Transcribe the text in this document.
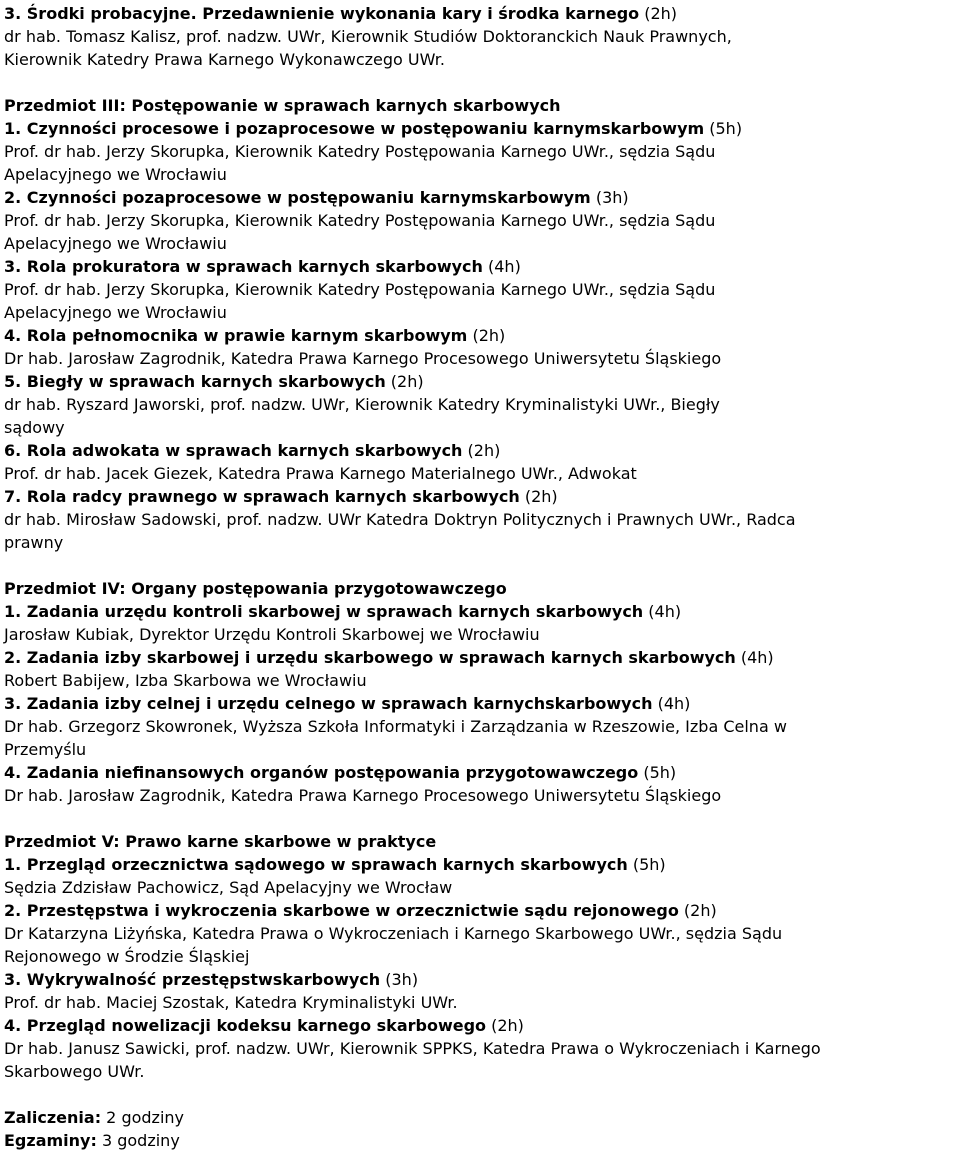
3. Środki probacyjne. Przedawnienie wykonania kary i środka karnego (2h)

dr hab. Tomasz Kalisz, prof. nadzw. UWr, Kierownik Studiów Doktoranckich Nauk Prawnych,

Kierownik Katedry Prawa Karnego Wykonawczego UWr.

Przedmiot III: Postępowanie w sprawach karnych skarbowych

1. Czynności procesowe i pozaprocesowe w postępowaniu karnymskarbowym (5h)

Prof. dr hab. Jerzy Skorupka, Kierownik Katedry Postępowania Karnego UWr., sędzia Sądu

Apelacyjnego we Wrocławiu

2. Czynności pozaprocesowe w postępowaniu karnymskarbowym (3h)

Prof. dr hab. Jerzy Skorupka, Kierownik Katedry Postępowania Karnego UWr., sędzia Sądu

Apelacyjnego we Wrocławiu

3. Rola prokuratora w sprawach karnych skarbowych (4h)

Prof. dr hab. Jerzy Skorupka, Kierownik Katedry Postępowania Karnego UWr., sędzia Sądu

Apelacyjnego we Wrocławiu

4. Rola pełnomocnika w prawie karnym skarbowym (2h)

Dr hab. Jarosław Zagrodnik, Katedra Prawa Karnego Procesowego Uniwersytetu Śląskiego

5. Biegły w sprawach karnych skarbowych (2h)

dr hab. Ryszard Jaworski, prof. nadzw. UWr, Kierownik Katedry Kryminalistyki UWr., Biegły

sądowy

6. Rola adwokata w sprawach karnych skarbowych (2h)

Prof. dr hab. Jacek Giezek, Katedra Prawa Karnego Materialnego UWr., Adwokat

7. Rola radcy prawnego w sprawach karnych skarbowych (2h)

dr hab. Mirosław Sadowski, prof. nadzw. UWr Katedra Doktryn Politycznych i Prawnych UWr., Radca

prawny

Przedmiot IV: Organy postępowania przygotowawczego

1. Zadania urzędu kontroli skarbowej w sprawach karnych skarbowych (4h)

Jarosław Kubiak, Dyrektor Urzędu Kontroli Skarbowej we Wrocławiu

2. Zadania izby skarbowej i urzędu skarbowego w sprawach karnych skarbowych (4h)

Robert Babijew, Izba Skarbowa we Wrocławiu

3. Zadania izby celnej i urzędu celnego w sprawach karnychskarbowych (4h)

Dr hab. Grzegorz Skowronek, Wyższa Szkoła Informatyki i Zarządzania w Rzeszowie, Izba Celna w

Przemyślu

4. Zadania niefinansowych organów postępowania przygotowawczego (5h)

Dr hab. Jarosław Zagrodnik, Katedra Prawa Karnego Procesowego Uniwersytetu Śląskiego

Przedmiot V: Prawo karne skarbowe w praktyce

1. Przegląd orzecznictwa sądowego w sprawach karnych skarbowych (5h)

Sędzia Zdzisław Pachowicz, Sąd Apelacyjny we Wrocław

2. Przestępstwa i wykroczenia skarbowe w orzecznictwie sądu rejonowego (2h)

Dr Katarzyna Liżyńska, Katedra Prawa o Wykroczeniach i Karnego Skarbowego UWr., sędzia Sądu

Rejonowego w Środzie Śląskiej

3. Wykrywalność przestępstwskarbowych (3h)

Prof. dr hab. Maciej Szostak, Katedra Kryminalistyki UWr.

4. Przegląd nowelizacji kodeksu karnego skarbowego (2h)

Dr hab. Janusz Sawicki, prof. nadzw. UWr, Kierownik SPPKS, Katedra Prawa o Wykroczeniach i Karnego

Skarbowego UWr.

Zaliczenia: 2 godziny

Egzaminy: 3 godziny
